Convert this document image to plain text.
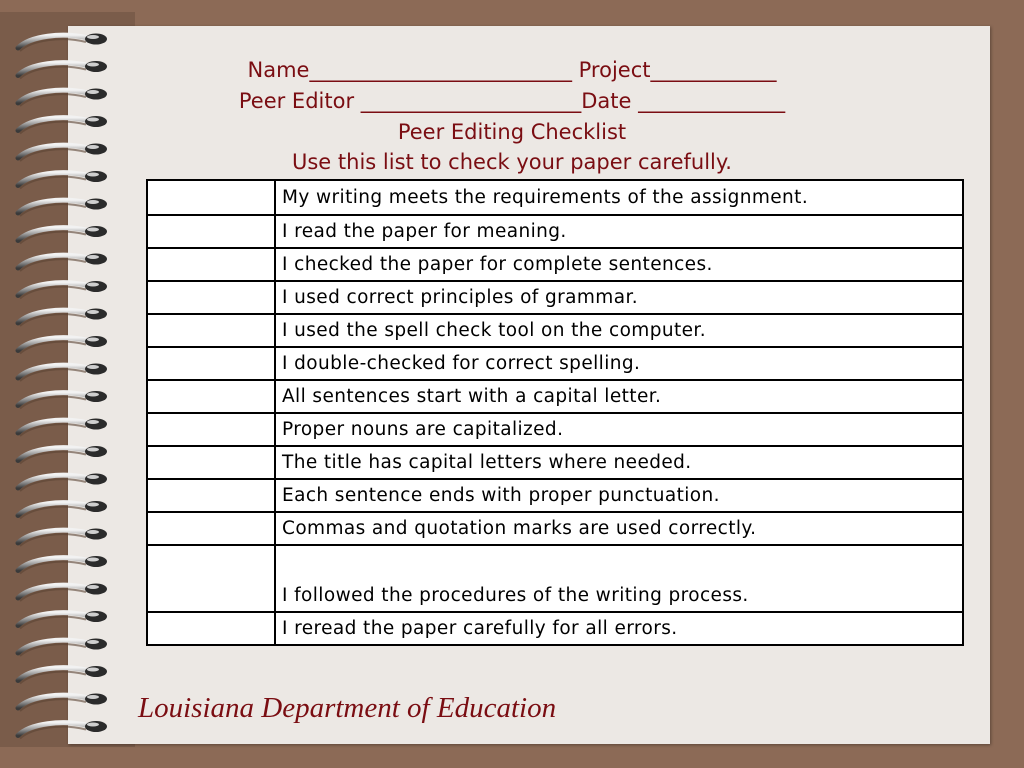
Name_________________________ Project____________
Peer Editor _____________________Date ______________
Peer Editing Checklist
Use this list to check your paper carefully.
	My writing meets the requirements of the assignment.
	I read the paper for meaning.
	I checked the paper for complete sentences.
	I used correct principles of grammar.
	I used the spell check tool on the computer.
	I double-checked for correct spelling.
	All sentences start with a capital letter.
	Proper nouns are capitalized.
	The title has capital letters where needed.
	Each sentence ends with proper punctuation.
	Commas and quotation marks are used correctly.
	I followed the procedures of the writing process.
	I reread the paper carefully for all errors.
Louisiana Department of Education
